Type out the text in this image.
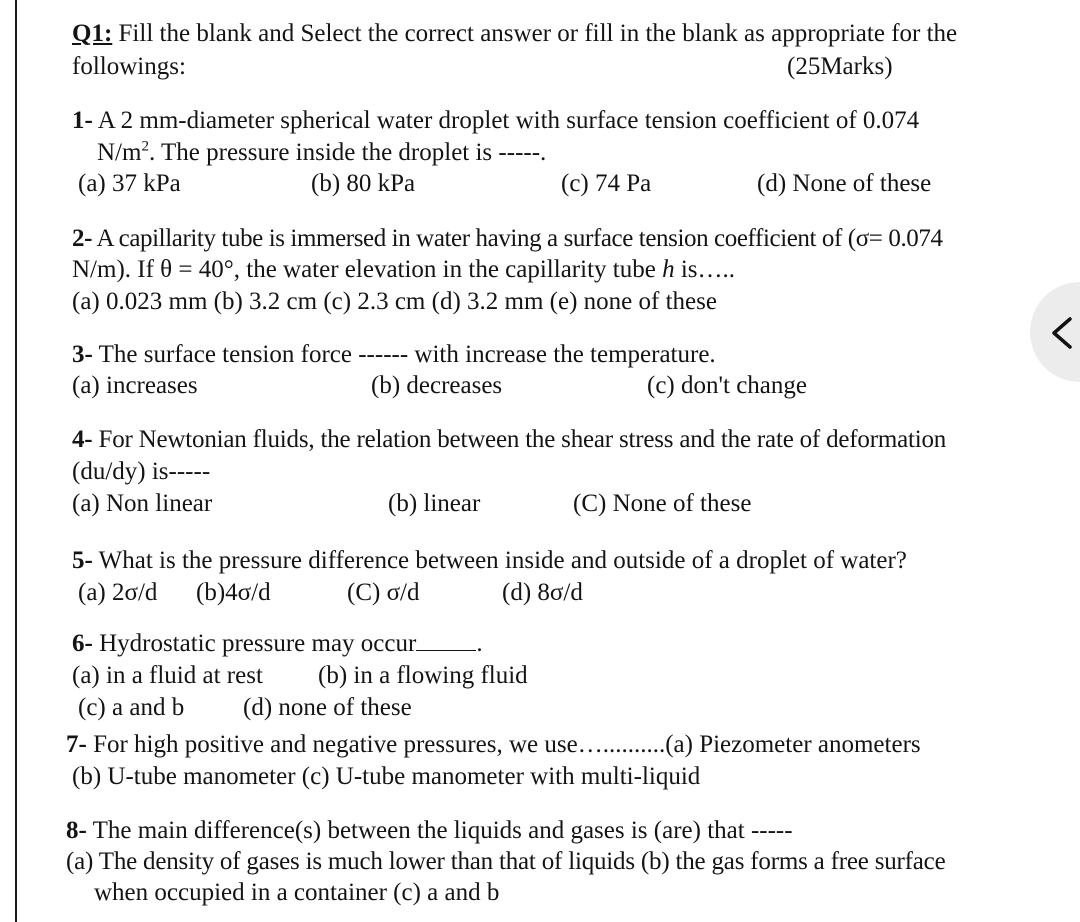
Q1: Fill the blank and Select the correct answer or fill in the blank as appropriate for the
followings:	(25Marks)
1- A 2 mm-diameter spherical water droplet with surface tension coefficient of 0.074
$N/m^2$. The pressure inside the droplet is -----.
(a) 37 kPa	(b) 80 kPa	(c) 74 Pa	(d) None of these
2- A capillarity tube is immersed in water having a surface tension coefficient of (σ= 0.074
N/m). If θ = 40°, the water elevation in the capillarity tube h is…..
(a) 0.023 mm (b) 3.2 cm (c) 2.3 cm (d) 3.2 mm (e) none of these
3- The surface tension force ------ with increase the temperature.
(a) increases	(b) decreases	(c) don't change
4- For Newtonian fluids, the relation between the shear stress and the rate of deformation
(du/dy) is-----
(a) Non linear	(b) linear	(C) None of these
5- What is the pressure difference between inside and outside of a droplet of water?
(a) 2σ/d (b)4σ/d	(C) σ/d	(d) 8σ/d
6- Hydrostatic pressure may occur .
(a) in a fluid at rest (b) in a flowing fluid
(c) a and b (d) none of these
7- For high positive and negative pressures, we use…..........(a) Piezometer anometers
(b) U-tube manometer (c) U-tube manometer with multi-liquid
8- The main difference(s) between the liquids and gases is (are) that -----
(a) The density of gases is much lower than that of liquids (b) the gas forms a free surface
when occupied in a container (c) a and b
